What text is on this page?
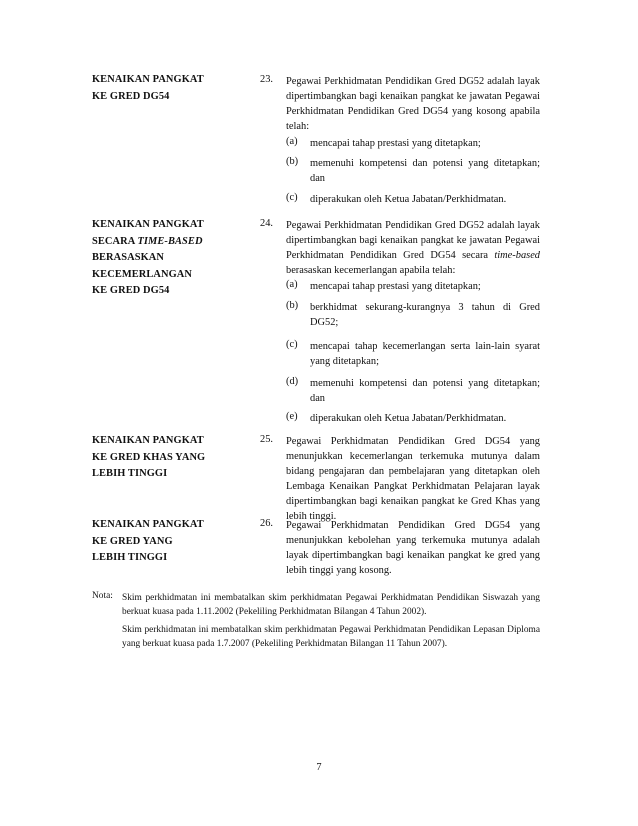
KENAIKAN PANGKAT
KE GRED DG54
23. Pegawai Perkhidmatan Pendidikan Gred DG52 adalah layak dipertimbangkan bagi kenaikan pangkat ke jawatan Pegawai Perkhidmatan Pendidikan Gred DG54 yang kosong apabila telah:
(a) mencapai tahap prestasi yang ditetapkan;
(b) memenuhi kompetensi dan potensi yang ditetapkan; dan
(c) diperakukan oleh Ketua Jabatan/Perkhidmatan.
KENAIKAN PANGKAT
SECARA TIME-BASED
BERASASKAN
KECEMERLANGAN
KE GRED DG54
24. Pegawai Perkhidmatan Pendidikan Gred DG52 adalah layak dipertimbangkan bagi kenaikan pangkat ke jawatan Pegawai Perkhidmatan Pendidikan Gred DG54 secara time-based berasaskan kecemerlangan apabila telah:
(a) mencapai tahap prestasi yang ditetapkan;
(b) berkhidmat sekurang-kurangnya 3 tahun di Gred DG52;
(c) mencapai tahap kecemerlangan serta lain-lain syarat yang ditetapkan;
(d) memenuhi kompetensi dan potensi yang ditetapkan; dan
(e) diperakukan oleh Ketua Jabatan/Perkhidmatan.
KENAIKAN PANGKAT
KE GRED KHAS YANG
LEBIH TINGGI
25. Pegawai Perkhidmatan Pendidikan Gred DG54 yang menunjukkan kecemerlangan terkemuka mutunya dalam bidang pengajaran dan pembelajaran yang ditetapkan oleh Lembaga Kenaikan Pangkat Perkhidmatan Pelajaran layak dipertimbangkan bagi kenaikan pangkat ke Gred Khas yang lebih tinggi.
KENAIKAN PANGKAT
KE GRED YANG
LEBIH TINGGI
26. Pegawai Perkhidmatan Pendidikan Gred DG54 yang menunjukkan kebolehan yang terkemuka mutunya adalah layak dipertimbangkan bagi kenaikan pangkat ke gred yang lebih tinggi yang kosong.
Nota: Skim perkhidmatan ini membatalkan skim perkhidmatan Pegawai Perkhidmatan Pendidikan Siswazah yang berkuat kuasa pada 1.11.2002 (Pekeliling Perkhidmatan Bilangan 4 Tahun 2002).
Skim perkhidmatan ini membatalkan skim perkhidmatan Pegawai Perkhidmatan Pendidikan Lepasan Diploma yang berkuat kuasa pada 1.7.2007 (Pekeliling Perkhidmatan Bilangan 11 Tahun 2007).
7
